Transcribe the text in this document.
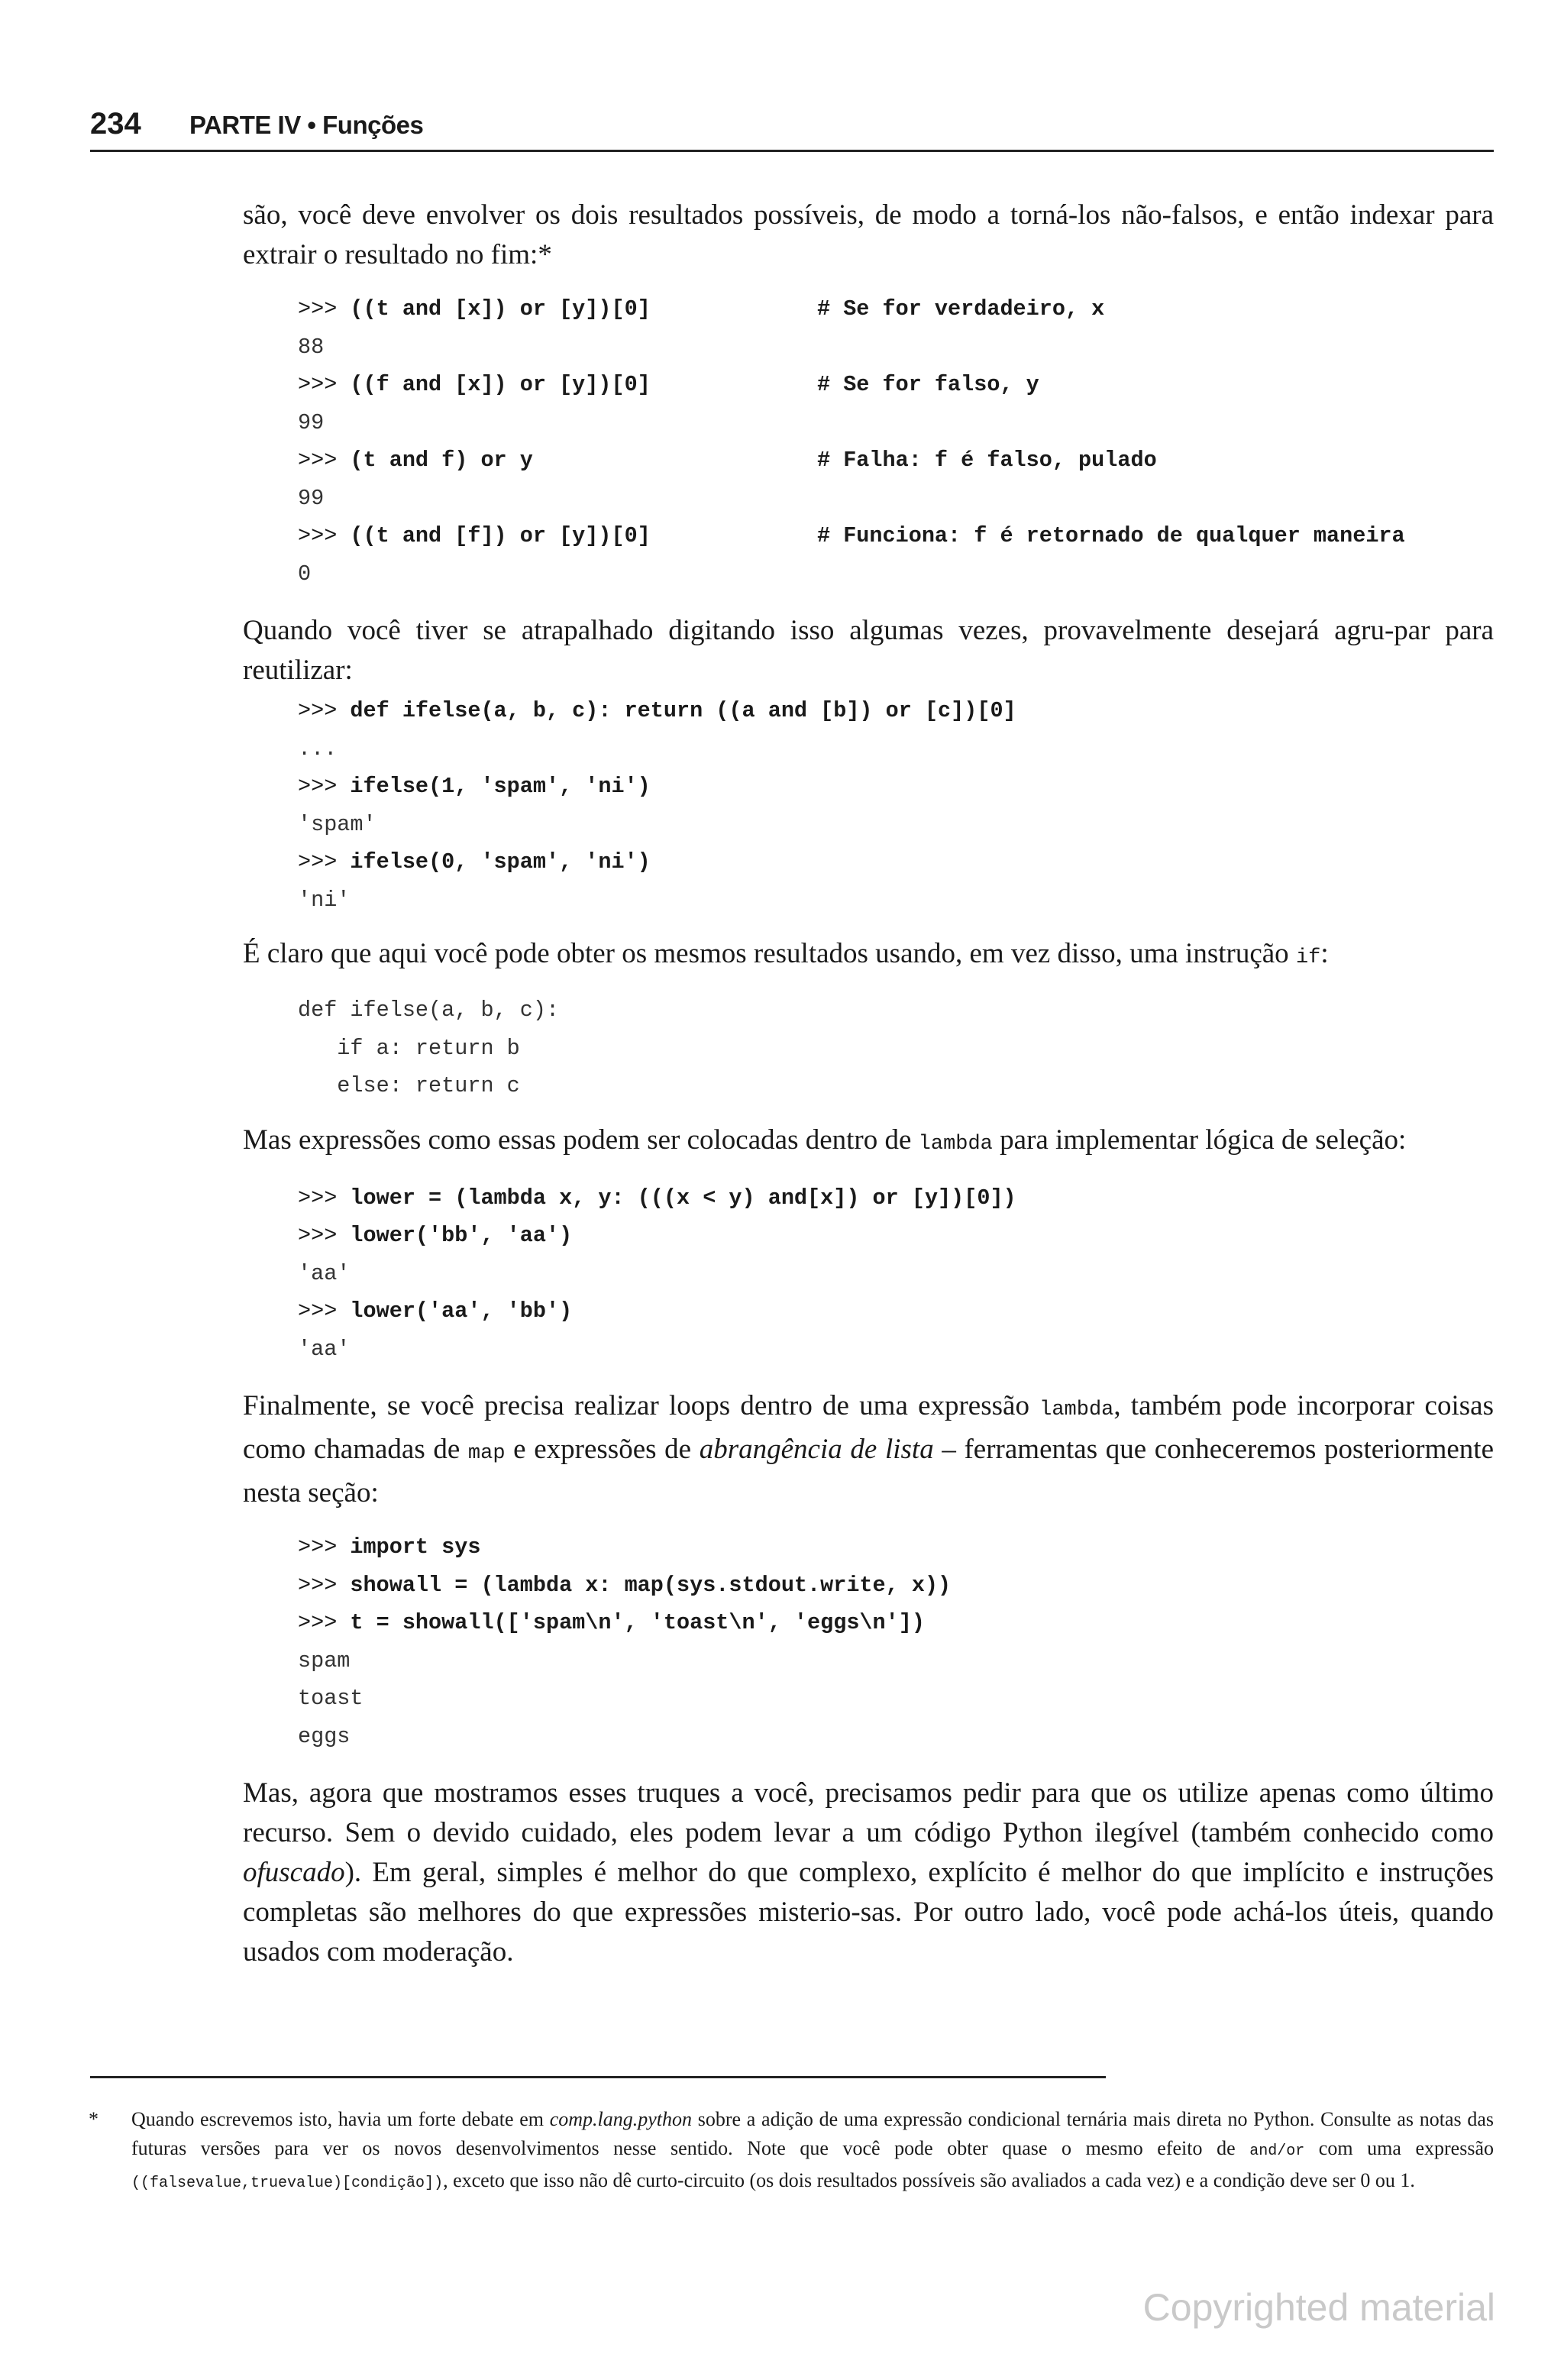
234 PARTE IV • Funções

são, você deve envolver os dois resultados possíveis, de modo a torná-los não-falsos, e então indexar para extrair o resultado no fim:*

>>> ((t and [x]) or [y])[0]	# Se for verdadeiro, x
88
>>> ((f and [x]) or [y])[0]	# Se for falso, y
99
>>> (t and f) or y	# Falha: f é falso, pulado
99
>>> ((t and [f]) or [y])[0]	# Funciona: f é retornado de qualquer maneira
0

Quando você tiver se atrapalhado digitando isso algumas vezes, provavelmente desejará agru-par para reutilizar:

>>> def ifelse(a, b, c): return ((a and [b]) or [c])[0]
...
>>> ifelse(1, 'spam', 'ni')
'spam'
>>> ifelse(0, 'spam', 'ni')
'ni'

É claro que aqui você pode obter os mesmos resultados usando, em vez disso, uma instrução if:

def ifelse(a, b, c):
if a: return b
else: return c

Mas expressões como essas podem ser colocadas dentro de lambda para implementar lógica de seleção:

>>> lower = (lambda x, y: (((x < y) and[x]) or [y])[0])
>>> lower('bb', 'aa')
'aa'
>>> lower('aa', 'bb')
'aa'

Finalmente, se você precisa realizar loops dentro de uma expressão lambda, também pode incorporar coisas como chamadas de map e expressões de abrangência de lista – ferramentas que conheceremos posteriormente nesta seção:

>>> import sys
>>> showall = (lambda x: map(sys.stdout.write, x))
>>> t = showall(['spam\n', 'toast\n', 'eggs\n'])
spam
toast
eggs

Mas, agora que mostramos esses truques a você, precisamos pedir para que os utilize apenas como último recurso. Sem o devido cuidado, eles podem levar a um código Python ilegível (também conhecido como ofuscado). Em geral, simples é melhor do que complexo, explícito é melhor do que implícito e instruções completas são melhores do que expressões misterio-sas. Por outro lado, você pode achá-los úteis, quando usados com moderação.

* Quando escrevemos isto, havia um forte debate em comp.lang.python sobre a adição de uma expressão condicional ternária mais direta no Python. Consulte as notas das futuras versões para ver os novos desenvolvimentos nesse sentido. Note que você pode obter quase o mesmo efeito de and/or com uma expressão ((falsevalue,truevalue)[condição]), exceto que isso não dê curto-circuito (os dois resultados possíveis são avaliados a cada vez) e a condição deve ser 0 ou 1.
Copyrighted material
